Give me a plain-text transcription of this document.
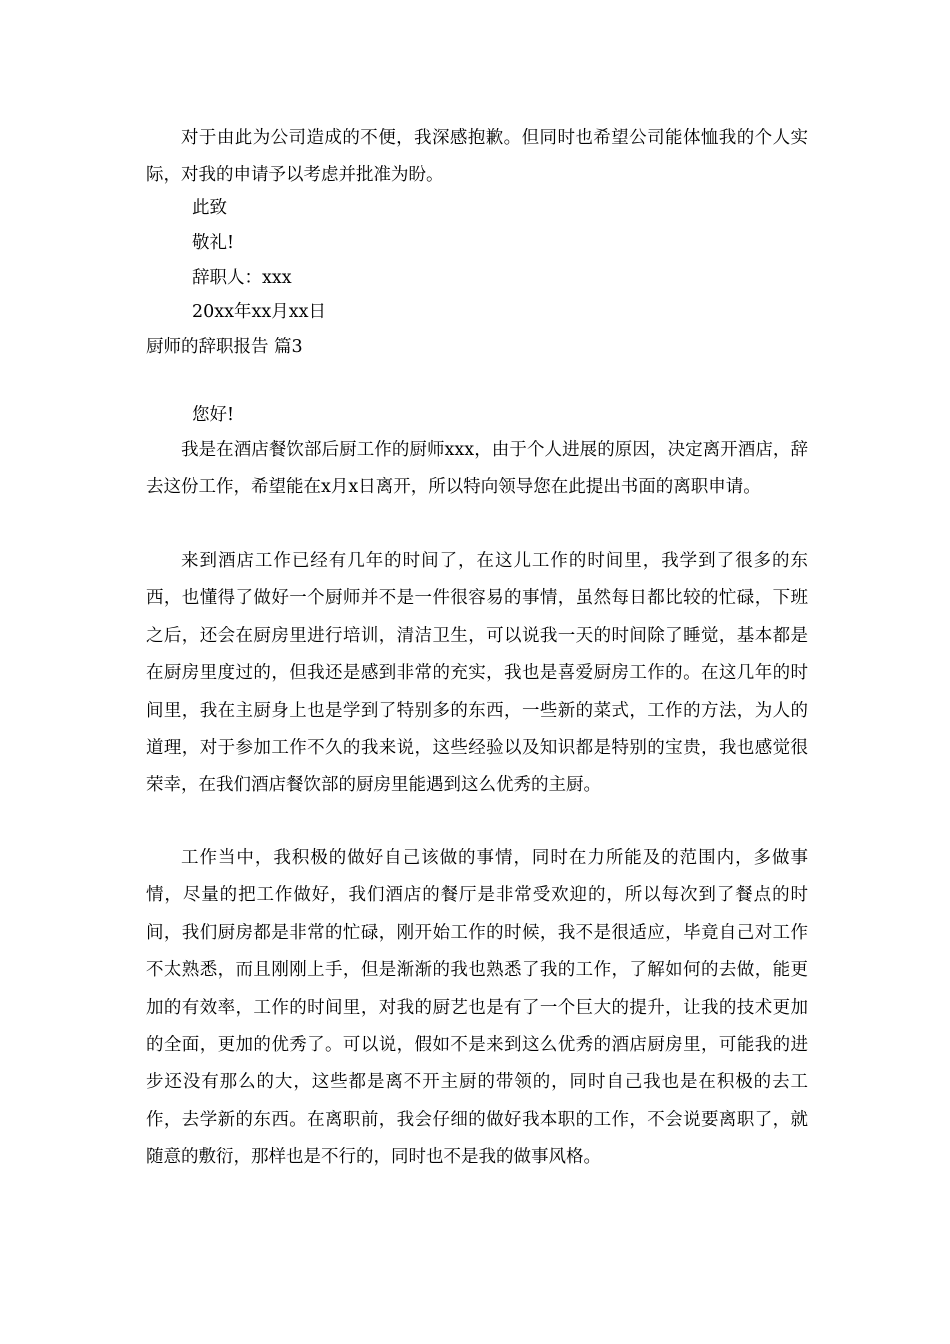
对于由此为公司造成的不便，我深感抱歉。但同时也希望公司能体恤我的个人实际，对我的申请予以考虑并批准为盼。

此致

敬礼!

辞职人：xxx

20xx年xx月xx日

厨师的辞职报告 篇3

您好!

我是在酒店餐饮部后厨工作的厨师xxx，由于个人进展的原因，决定离开酒店，辞去这份工作，希望能在x月x日离开，所以特向领导您在此提出书面的离职申请。

来到酒店工作已经有几年的时间了，在这儿工作的时间里，我学到了很多的东西，也懂得了做好一个厨师并不是一件很容易的事情，虽然每日都比较的忙碌，下班之后，还会在厨房里进行培训，清洁卫生，可以说我一天的时间除了睡觉，基本都是在厨房里度过的，但我还是感到非常的充实，我也是喜爱厨房工作的。在这几年的时间里，我在主厨身上也是学到了特别多的东西，一些新的菜式，工作的方法，为人的道理，对于参加工作不久的我来说，这些经验以及知识都是特别的宝贵，我也感觉很荣幸，在我们酒店餐饮部的厨房里能遇到这么优秀的主厨。

工作当中，我积极的做好自己该做的事情，同时在力所能及的范围内，多做事情，尽量的把工作做好，我们酒店的餐厅是非常受欢迎的，所以每次到了餐点的时间，我们厨房都是非常的忙碌，刚开始工作的时候，我不是很适应，毕竟自己对工作不太熟悉，而且刚刚上手，但是渐渐的我也熟悉了我的工作，了解如何的去做，能更加的有效率，工作的时间里，对我的厨艺也是有了一个巨大的提升，让我的技术更加的全面，更加的优秀了。可以说，假如不是来到这么优秀的酒店厨房里，可能我的进步还没有那么的大，这些都是离不开主厨的带领的，同时自己我也是在积极的去工作，去学新的东西。在离职前，我会仔细的做好我本职的工作，不会说要离职了，就随意的敷衍，那样也是不行的，同时也不是我的做事风格。
